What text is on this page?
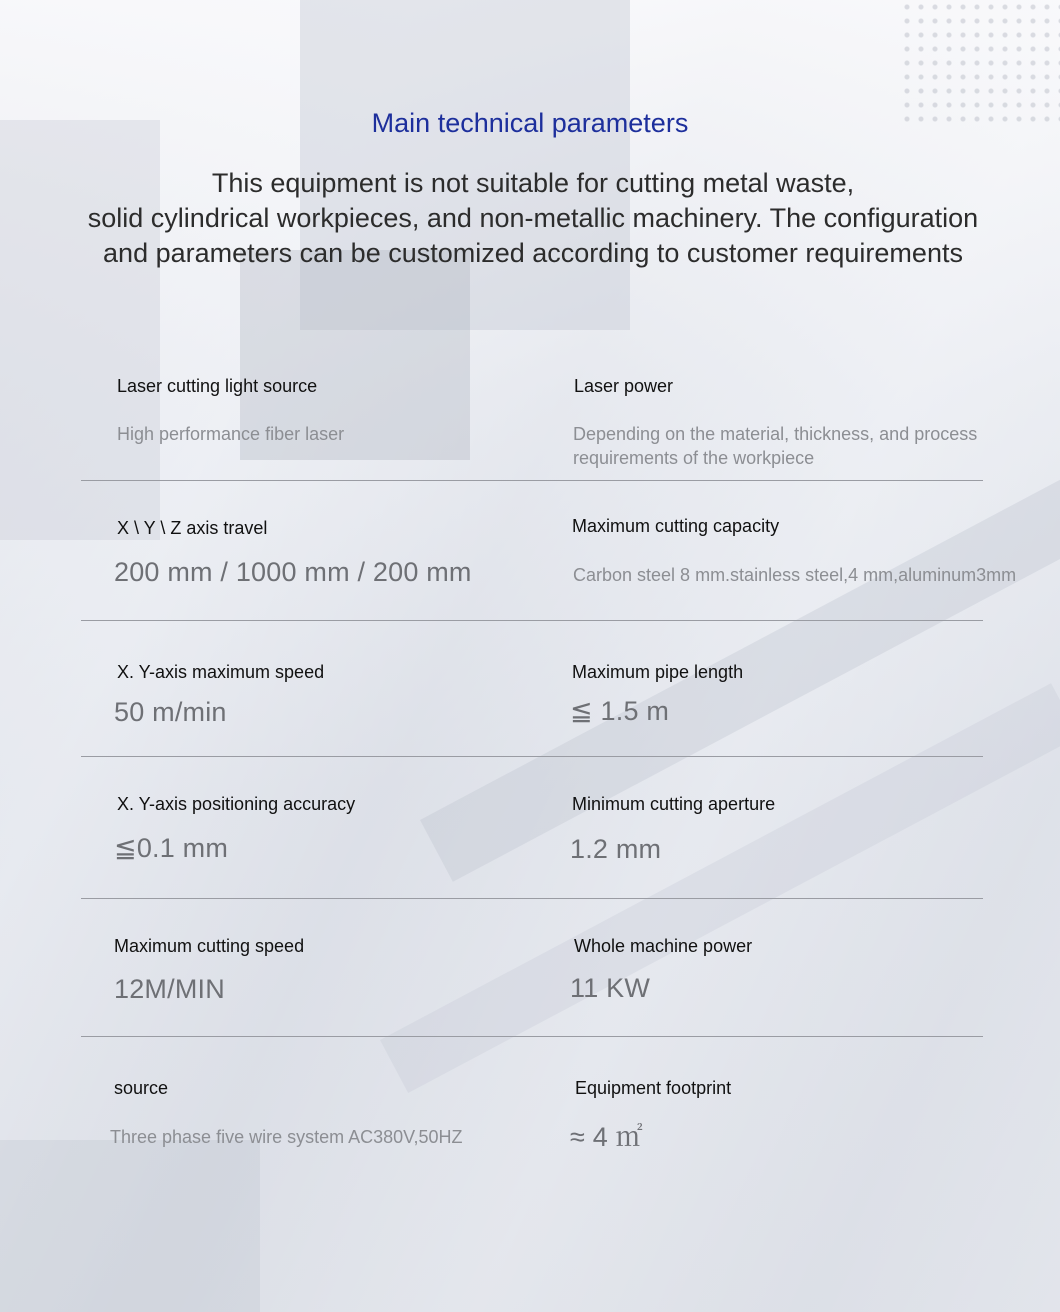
Main technical parameters

This equipment is not suitable for cutting metal waste,
solid cylindrical workpieces, and non-metallic machinery. The configuration
and parameters can be customized according to customer requirements

Laser cutting light source
High performance fiber laser
Laser power
Depending on the material, thickness, and process requirements of the workpiece
X \ Y \ Z axis travel
200 mm / 1000 mm / 200 mm
Maximum cutting capacity
Carbon steel 8 mm.stainless steel,4 mm,aluminum3mm
X. Y-axis maximum speed
50 m/min
Maximum pipe length
≦ 1.5 m
X. Y-axis positioning accuracy
≦0.1 mm
Minimum cutting aperture
1.2 mm
Maximum cutting speed
12M/MIN
Whole machine power
11 KW
source
Three phase five wire system AC380V,50HZ
Equipment footprint
≈ 4 ㎡
